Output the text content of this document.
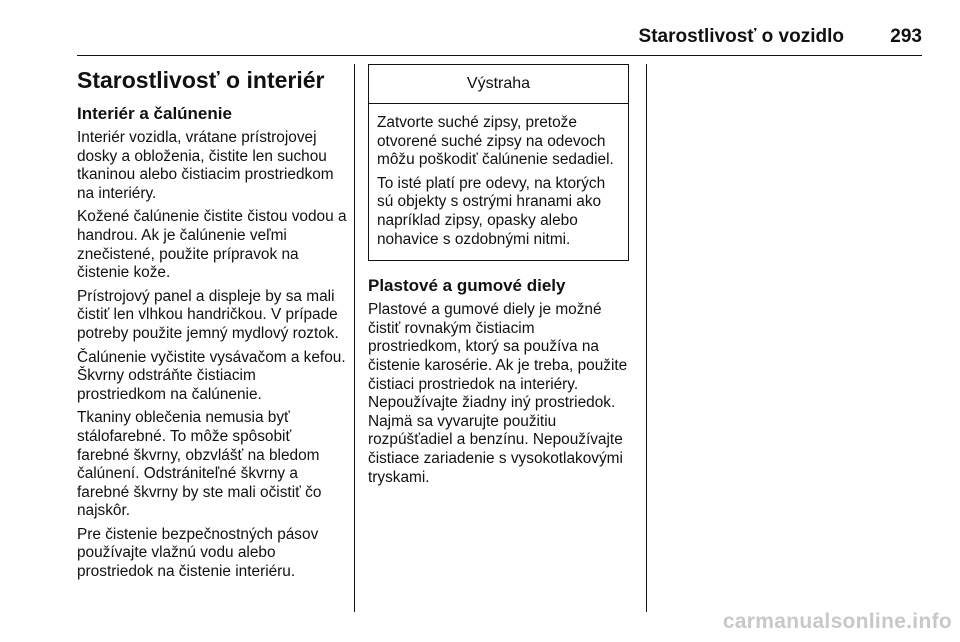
Starostlivosť o vozidlo 293
Starostlivosť o interiér
Interiér a čalúnenie

Interiér vozidla, vrátane prístrojovej dosky a obloženia, čistite len suchou tkaninou alebo čistiacim prostriedkom na interiéry.

Kožené čalúnenie čistite čistou vodou a handrou. Ak je čalúnenie veľmi znečistené, použite prípravok na čistenie kože.

Prístrojový panel a displeje by sa mali čistiť len vlhkou handričkou. V prípade potreby použite jemný mydlový roztok.

Čalúnenie vyčistite vysávačom a kefou. Škvrny odstráňte čistiacim prostriedkom na čalúnenie.

Tkaniny oblečenia nemusia byť stálofarebné. To môže spôsobiť farebné škvrny, obzvlášť na bledom čalúnení. Odstrániteľné škvrny a farebné škvrny by ste mali očistiť čo najskôr.

Pre čistenie bezpečnostných pásov používajte vlažnú vodu alebo prostriedok na čistenie interiéru.

Výstraha

Zatvorte suché zipsy, pretože otvorené suché zipsy na odevoch môžu poškodiť čalúnenie sedadiel.

To isté platí pre odevy, na ktorých sú objekty s ostrými hranami ako napríklad zipsy, opasky alebo nohavice s ozdobnými nitmi.

Plastové a gumové diely

Plastové a gumové diely je možné čistiť rovnakým čistiacim prostriedkom, ktorý sa používa na čistenie karosérie. Ak je treba, použite čistiaci prostriedok na interiéry. Nepoužívajte žiadny iný prostriedok. Najmä sa vyvarujte použitiu rozpúšťadiel a benzínu. Nepoužívajte čistiace zariadenie s vysokotlakovými tryskami.

carmanualsonline.info
